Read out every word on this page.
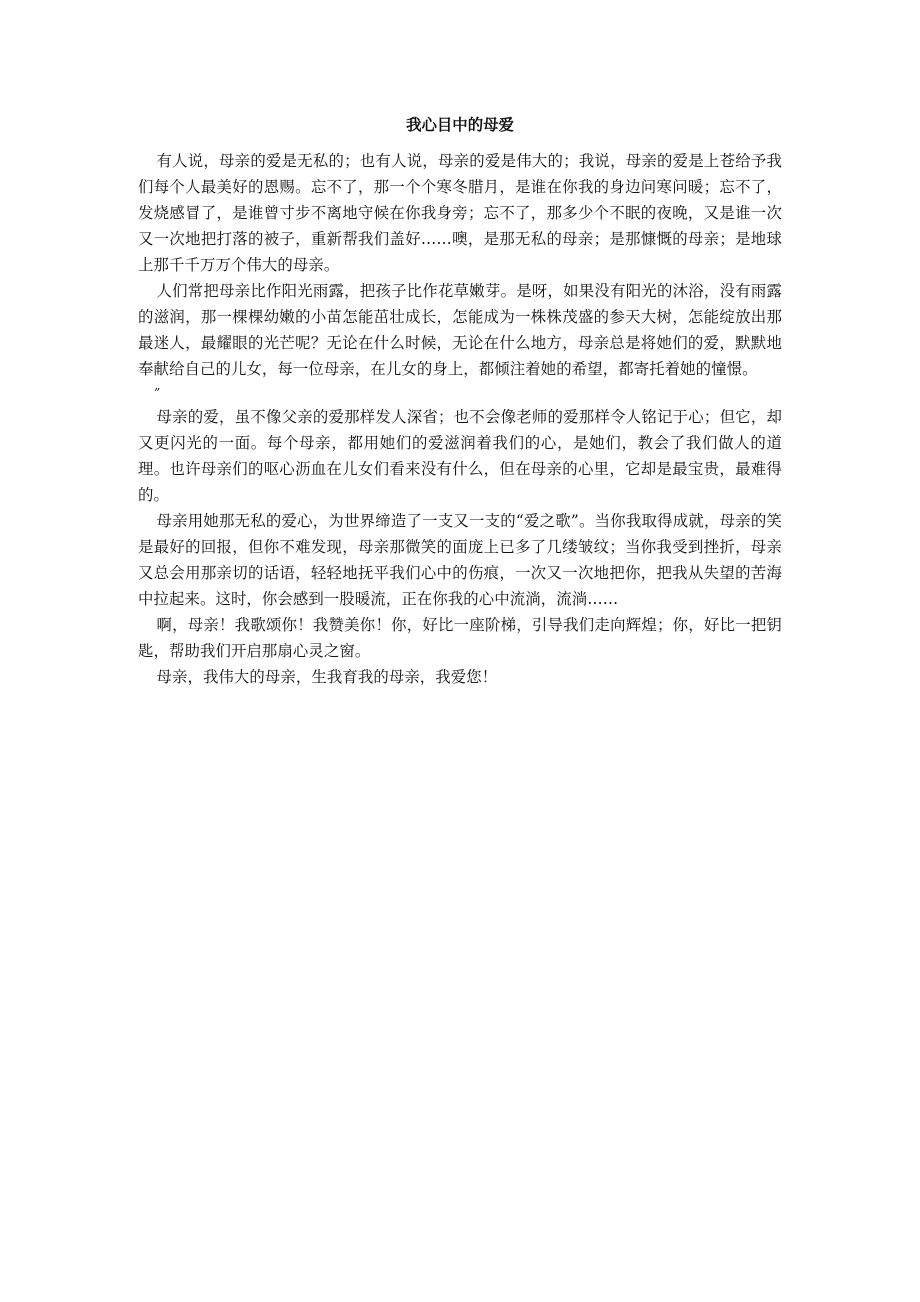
我心目中的母爱

有人说，母亲的爱是无私的；也有人说，母亲的爱是伟大的；我说，母亲的爱是上苍给予我们每个人最美好的恩赐。忘不了，那一个个寒冬腊月，是谁在你我的身边问寒问暖；忘不了，发烧感冒了，是谁曾寸步不离地守候在你我身旁；忘不了，那多少个不眠的夜晚，又是谁一次又一次地把打落的被子，重新帮我们盖好……噢，是那无私的母亲；是那慷慨的母亲；是地球上那千千万万个伟大的母亲。

人们常把母亲比作阳光雨露，把孩子比作花草嫩芽。是呀，如果没有阳光的沐浴，没有雨露的滋润，那一棵棵幼嫩的小苗怎能茁壮成长，怎能成为一株株茂盛的参天大树，怎能绽放出那最迷人，最耀眼的光芒呢？无论在什么时候，无论在什么地方，母亲总是将她们的爱，默默地奉献给自己的儿女，每一位母亲，在儿女的身上，都倾注着她的希望，都寄托着她的憧憬。

”

母亲的爱，虽不像父亲的爱那样发人深省；也不会像老师的爱那样令人铭记于心；但它，却又更闪光的一面。每个母亲，都用她们的爱滋润着我们的心，是她们，教会了我们做人的道理。也许母亲们的呕心沥血在儿女们看来没有什么，但在母亲的心里，它却是最宝贵，最难得的。

母亲用她那无私的爱心，为世界缔造了一支又一支的“爱之歌”。当你我取得成就，母亲的笑是最好的回报，但你不难发现，母亲那微笑的面庞上已多了几缕皱纹；当你我受到挫折，母亲又总会用那亲切的话语，轻轻地抚平我们心中的伤痕，一次又一次地把你，把我从失望的苦海中拉起来。这时，你会感到一股暖流，正在你我的心中流淌，流淌……

啊，母亲！我歌颂你！我赞美你！你，好比一座阶梯，引导我们走向辉煌；你，好比一把钥匙，帮助我们开启那扇心灵之窗。

母亲，我伟大的母亲，生我育我的母亲，我爱您！
